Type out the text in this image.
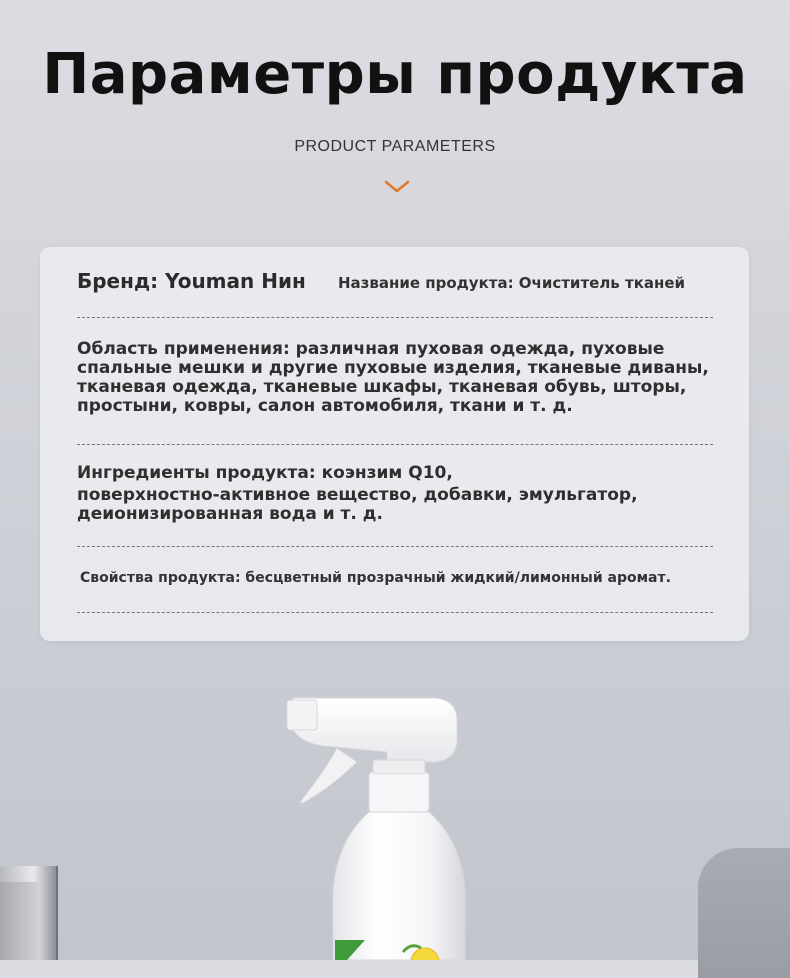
Параметры продукта
PRODUCT PARAMETERS
Бренд: Youman Нин Название продукта: Очиститель тканей
Область применения: различная пуховая одежда, пуховые
спальные мешки и другие пуховые изделия, тканевые диваны,
тканевая одежда, тканевые шкафы, тканевая обувь, шторы,
простыни, ковры, салон автомобиля, ткани и т. д.
Ингредиенты продукта: коэнзим Q10,
поверхностно-активное вещество, добавки, эмульгатор,
деионизированная вода и т. д.
Свойства продукта: бесцветный прозрачный жидкий/лимонный аромат.
